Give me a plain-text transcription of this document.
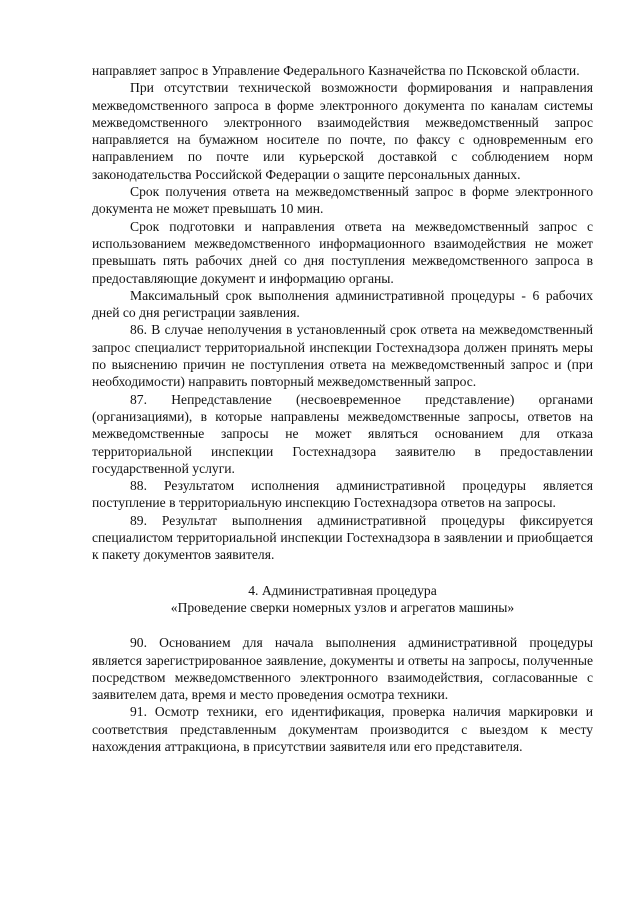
направляет запрос в Управление Федерального Казначейства по Псковской области.

При отсутствии технической возможности формирования и направления межведомственного запроса в форме электронного документа по каналам системы межведомственного электронного взаимодействия межведомственный запрос направляется на бумажном носителе по почте, по факсу с одновременным его направлением по почте или курьерской доставкой с соблюдением норм законодательства Российской Федерации о защите персональных данных.

Срок получения ответа на межведомственный запрос в форме электронного документа не может превышать 10 мин.

Срок подготовки и направления ответа на межведомственный запрос с использованием межведомственного информационного взаимодействия не может превышать пять рабочих дней со дня поступления межведомственного запроса в предоставляющие документ и информацию органы.

Максимальный срок выполнения административной процедуры - 6 рабочих дней со дня регистрации заявления.

86. В случае неполучения в установленный срок ответа на межведомственный запрос специалист территориальной инспекции Гостехнадзора должен принять меры по выяснению причин не поступления ответа на межведомственный запрос и (при необходимости) направить повторный межведомственный запрос.

87. Непредставление (несвоевременное представление) органами (организациями), в которые направлены межведомственные запросы, ответов на межведомственные запросы не может являться основанием для отказа территориальной инспекции Гостехнадзора заявителю в предоставлении государственной услуги.

88. Результатом исполнения административной процедуры является поступление в территориальную инспекцию Гостехнадзора ответов на запросы.

89. Результат выполнения административной процедуры фиксируется специалистом территориальной инспекции Гостехнадзора в заявлении и приобщается к пакету документов заявителя.

4. Административная процедура

«Проведение сверки номерных узлов и агрегатов машины»

90. Основанием для начала выполнения административной процедуры является зарегистрированное заявление, документы и ответы на запросы, полученные посредством межведомственного электронного взаимодействия, согласованные с заявителем дата, время и место проведения осмотра техники.

91. Осмотр техники, его идентификация, проверка наличия маркировки и соответствия представленным документам производится с выездом к месту нахождения аттракциона, в присутствии заявителя или его представителя.
